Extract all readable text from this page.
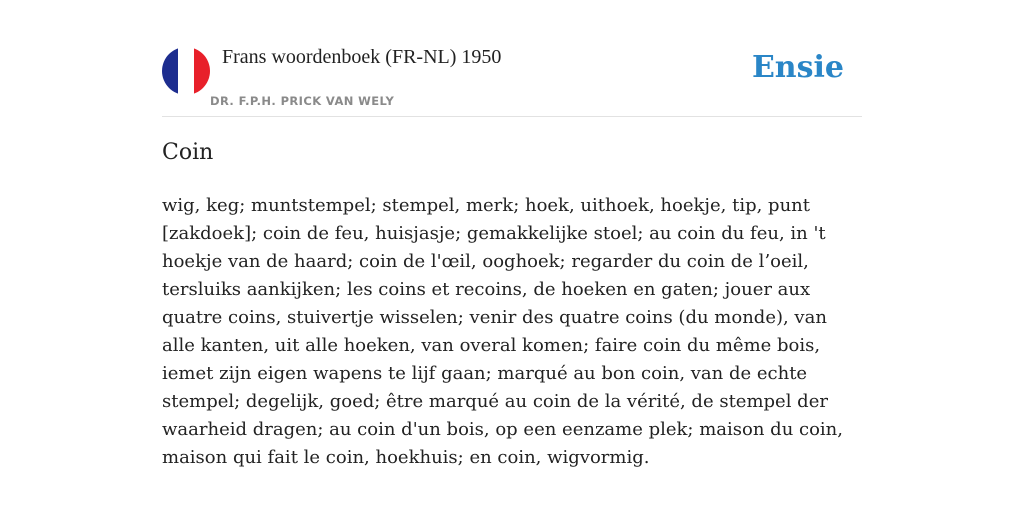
Frans woordenboek (FR-NL) 1950
DR. F.P.H. PRICK VAN WELY
Ensie
Coin
wig, keg; muntstempel; stempel, merk; hoek, uithoek, hoekje, tip, punt [zakdoek]; coin de feu, huisjasje; gemakkelijke stoel; au coin du feu, in 't hoekje van de haard; coin de l'œil, ooghoek; regarder du coin de l’oeil, tersluiks aankijken; les coins et recoins, de hoeken en gaten; jouer aux quatre coins, stuivertje wisselen; venir des quatre coins (du monde), van alle kanten, uit alle hoeken, van overal komen; faire coin du même bois, iemet zijn eigen wapens te lijf gaan; marqué au bon coin, van de echte stempel; degelijk, goed; être marqué au coin de la vérité, de stempel der waarheid dragen; au coin d'un bois, op een eenzame plek; maison du coin, maison qui fait le coin, hoekhuis; en coin, wigvormig.
